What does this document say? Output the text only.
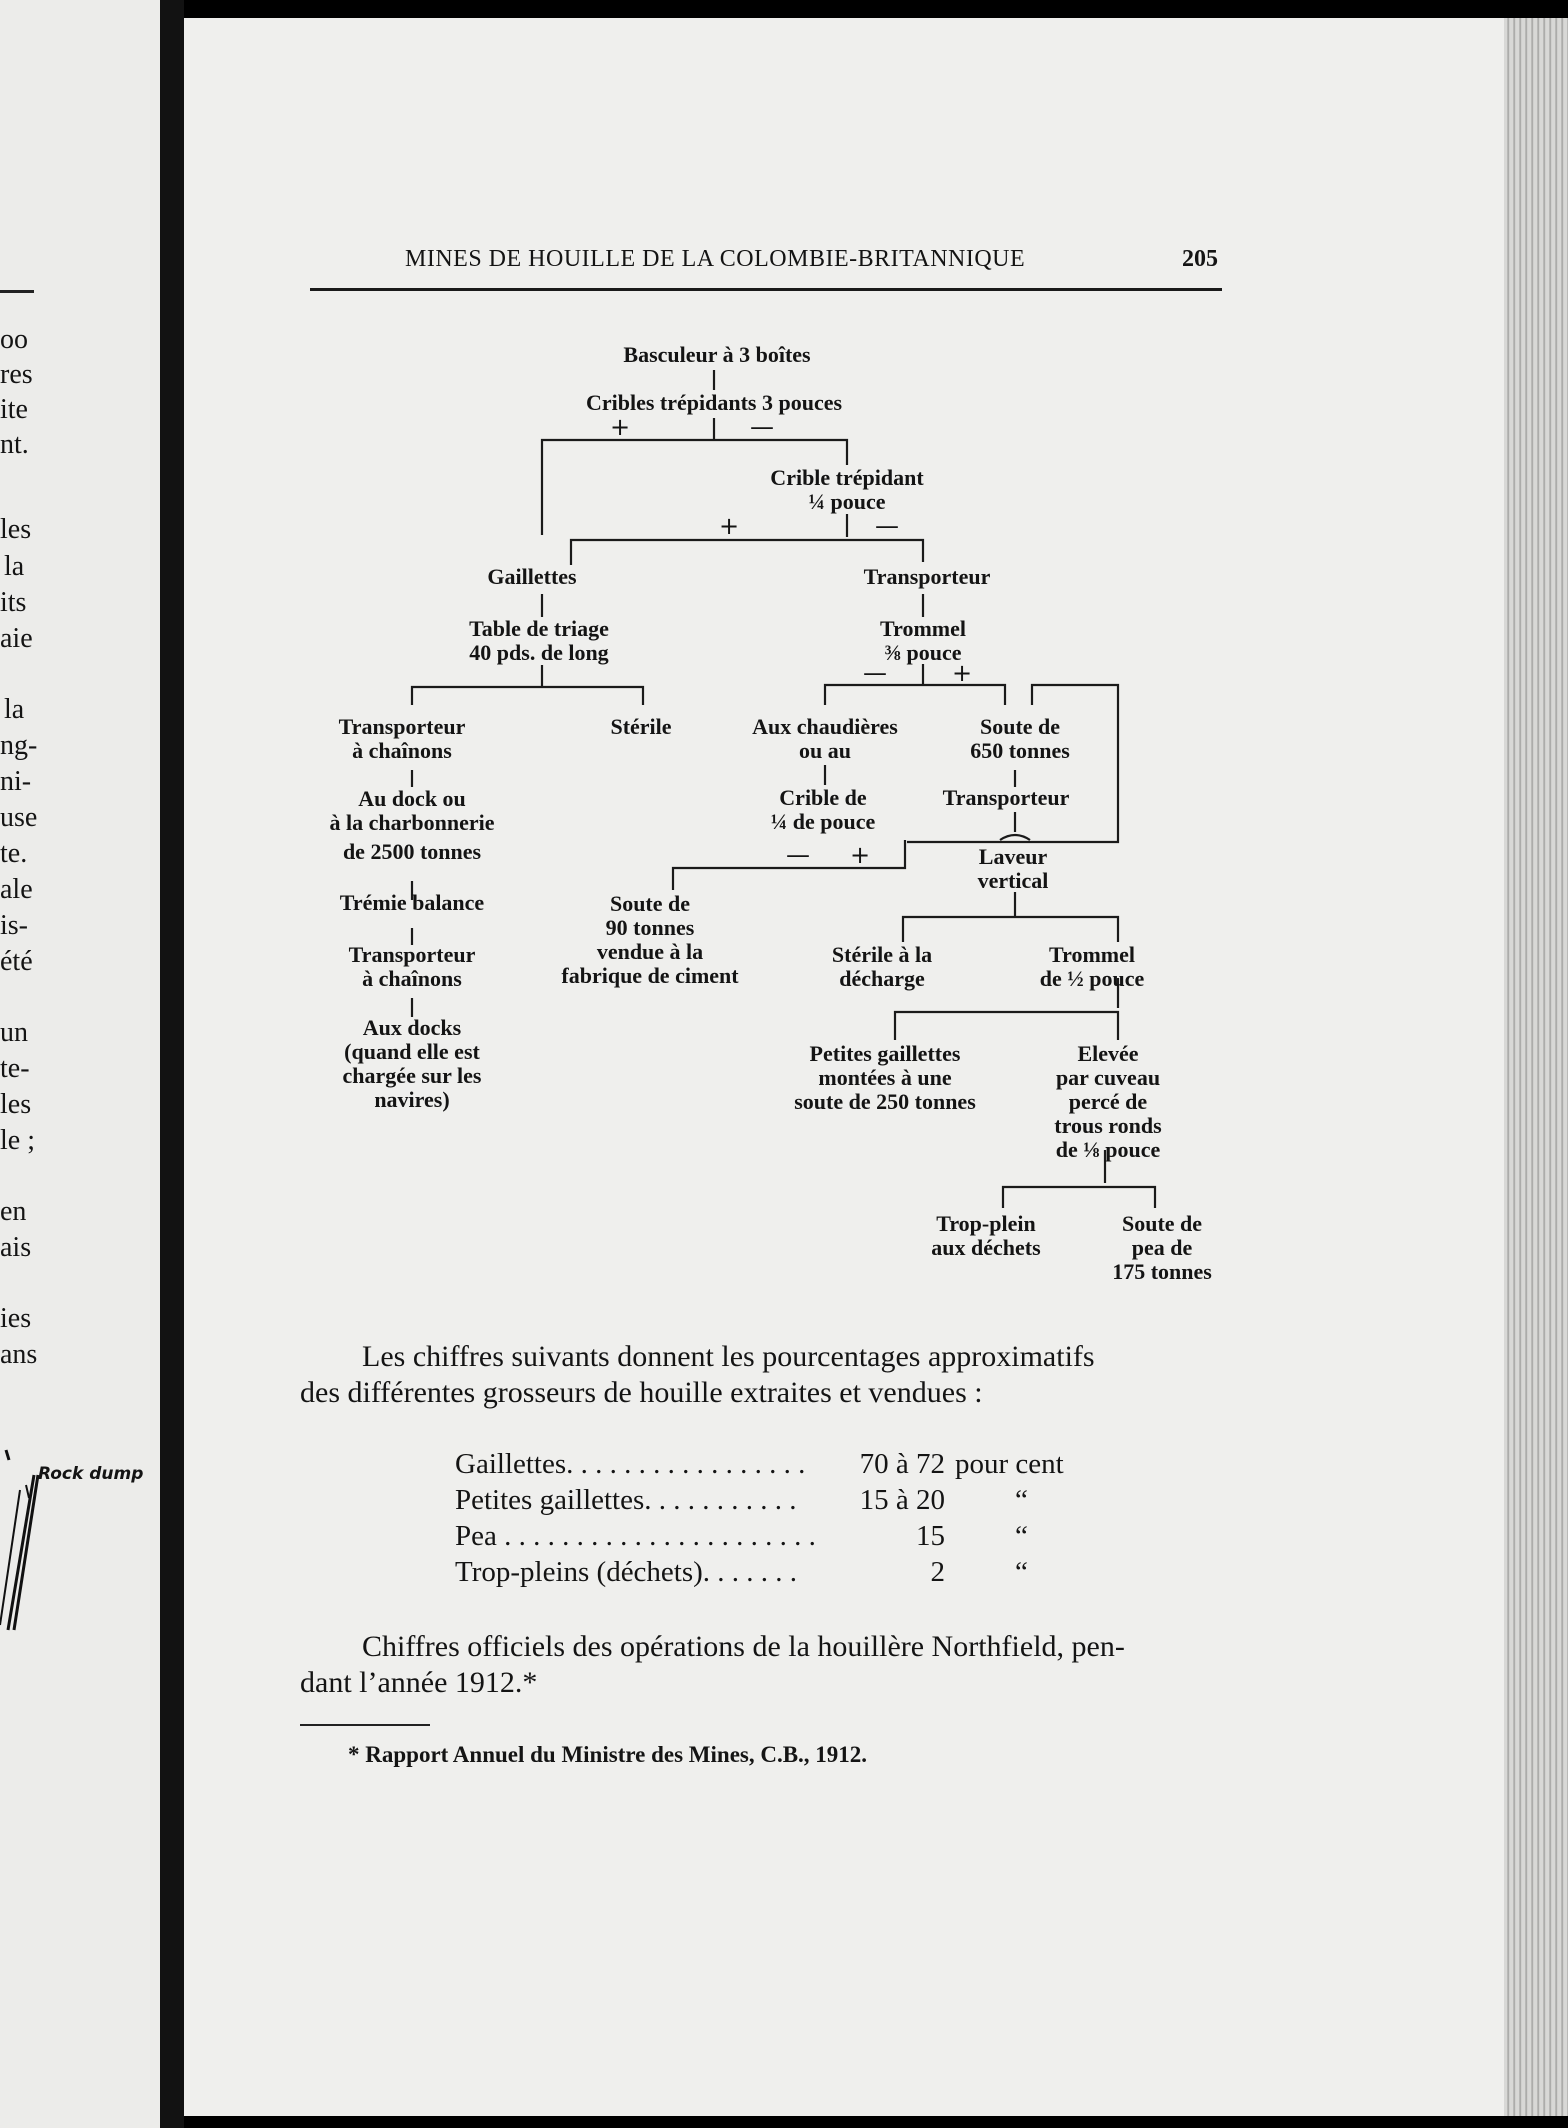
oo
res
ite
nt.
les
la
its
aie
la
ng-
ni-
use
te.
ale
is-
été
un
te-
les
le ;
en
ais
ies
ans
Rock dump
MINES DE HOUILLE DE LA COLOMBIE-BRITANNIQUE	205
+	—
+	—
—	+
— +
Basculeur à 3 boîtes
Cribles trépidants 3 pouces
Crible trépidant
¼ pouce
Gaillettes	Transporteur
Table de triage
40 pds. de long
Trommel
⅜ pouce
Transporteur
à chaînons
Stérile	Aux chaudières
ou au
Soute de
650 tonnes
Au dock ou
à la charbonnerie
de 2500 tonnes
Crible de
¼ de pouce
Transporteur
Laveur
vertical
Trémie balance	Soute de
90 tonnes
vendue à la
fabrique de ciment
Transporteur
à chaînons
Stérile à la
décharge
Trommel
de ½ pouce
Aux docks
(quand elle est
chargée sur les
navires)
Petites gaillettes
montées à une
soute de 250 tonnes
Elevée
par cuveau
percé de
trous ronds
de ⅛ pouce
Trop-plein
aux déchets
Soute de
pea de
175 tonnes
Les chiffres suivants donnent les pourcentages approximatifs
des différentes grosseurs de houille extraites et vendues :
Gaillettes. . . . . . . . . . . . . . . . .	70 à 72 pour cent
Petites gaillettes. . . . . . . . . . .	15 à 20 “
Pea . . . . . . . . . . . . . . . . . . . . . .	15 “
Trop-pleins (déchets). . . . . . .	2 “
Chiffres officiels des opérations de la houillère Northfield, pen-
dant l’année 1912.*
* Rapport Annuel du Ministre des Mines, C.B., 1912.
